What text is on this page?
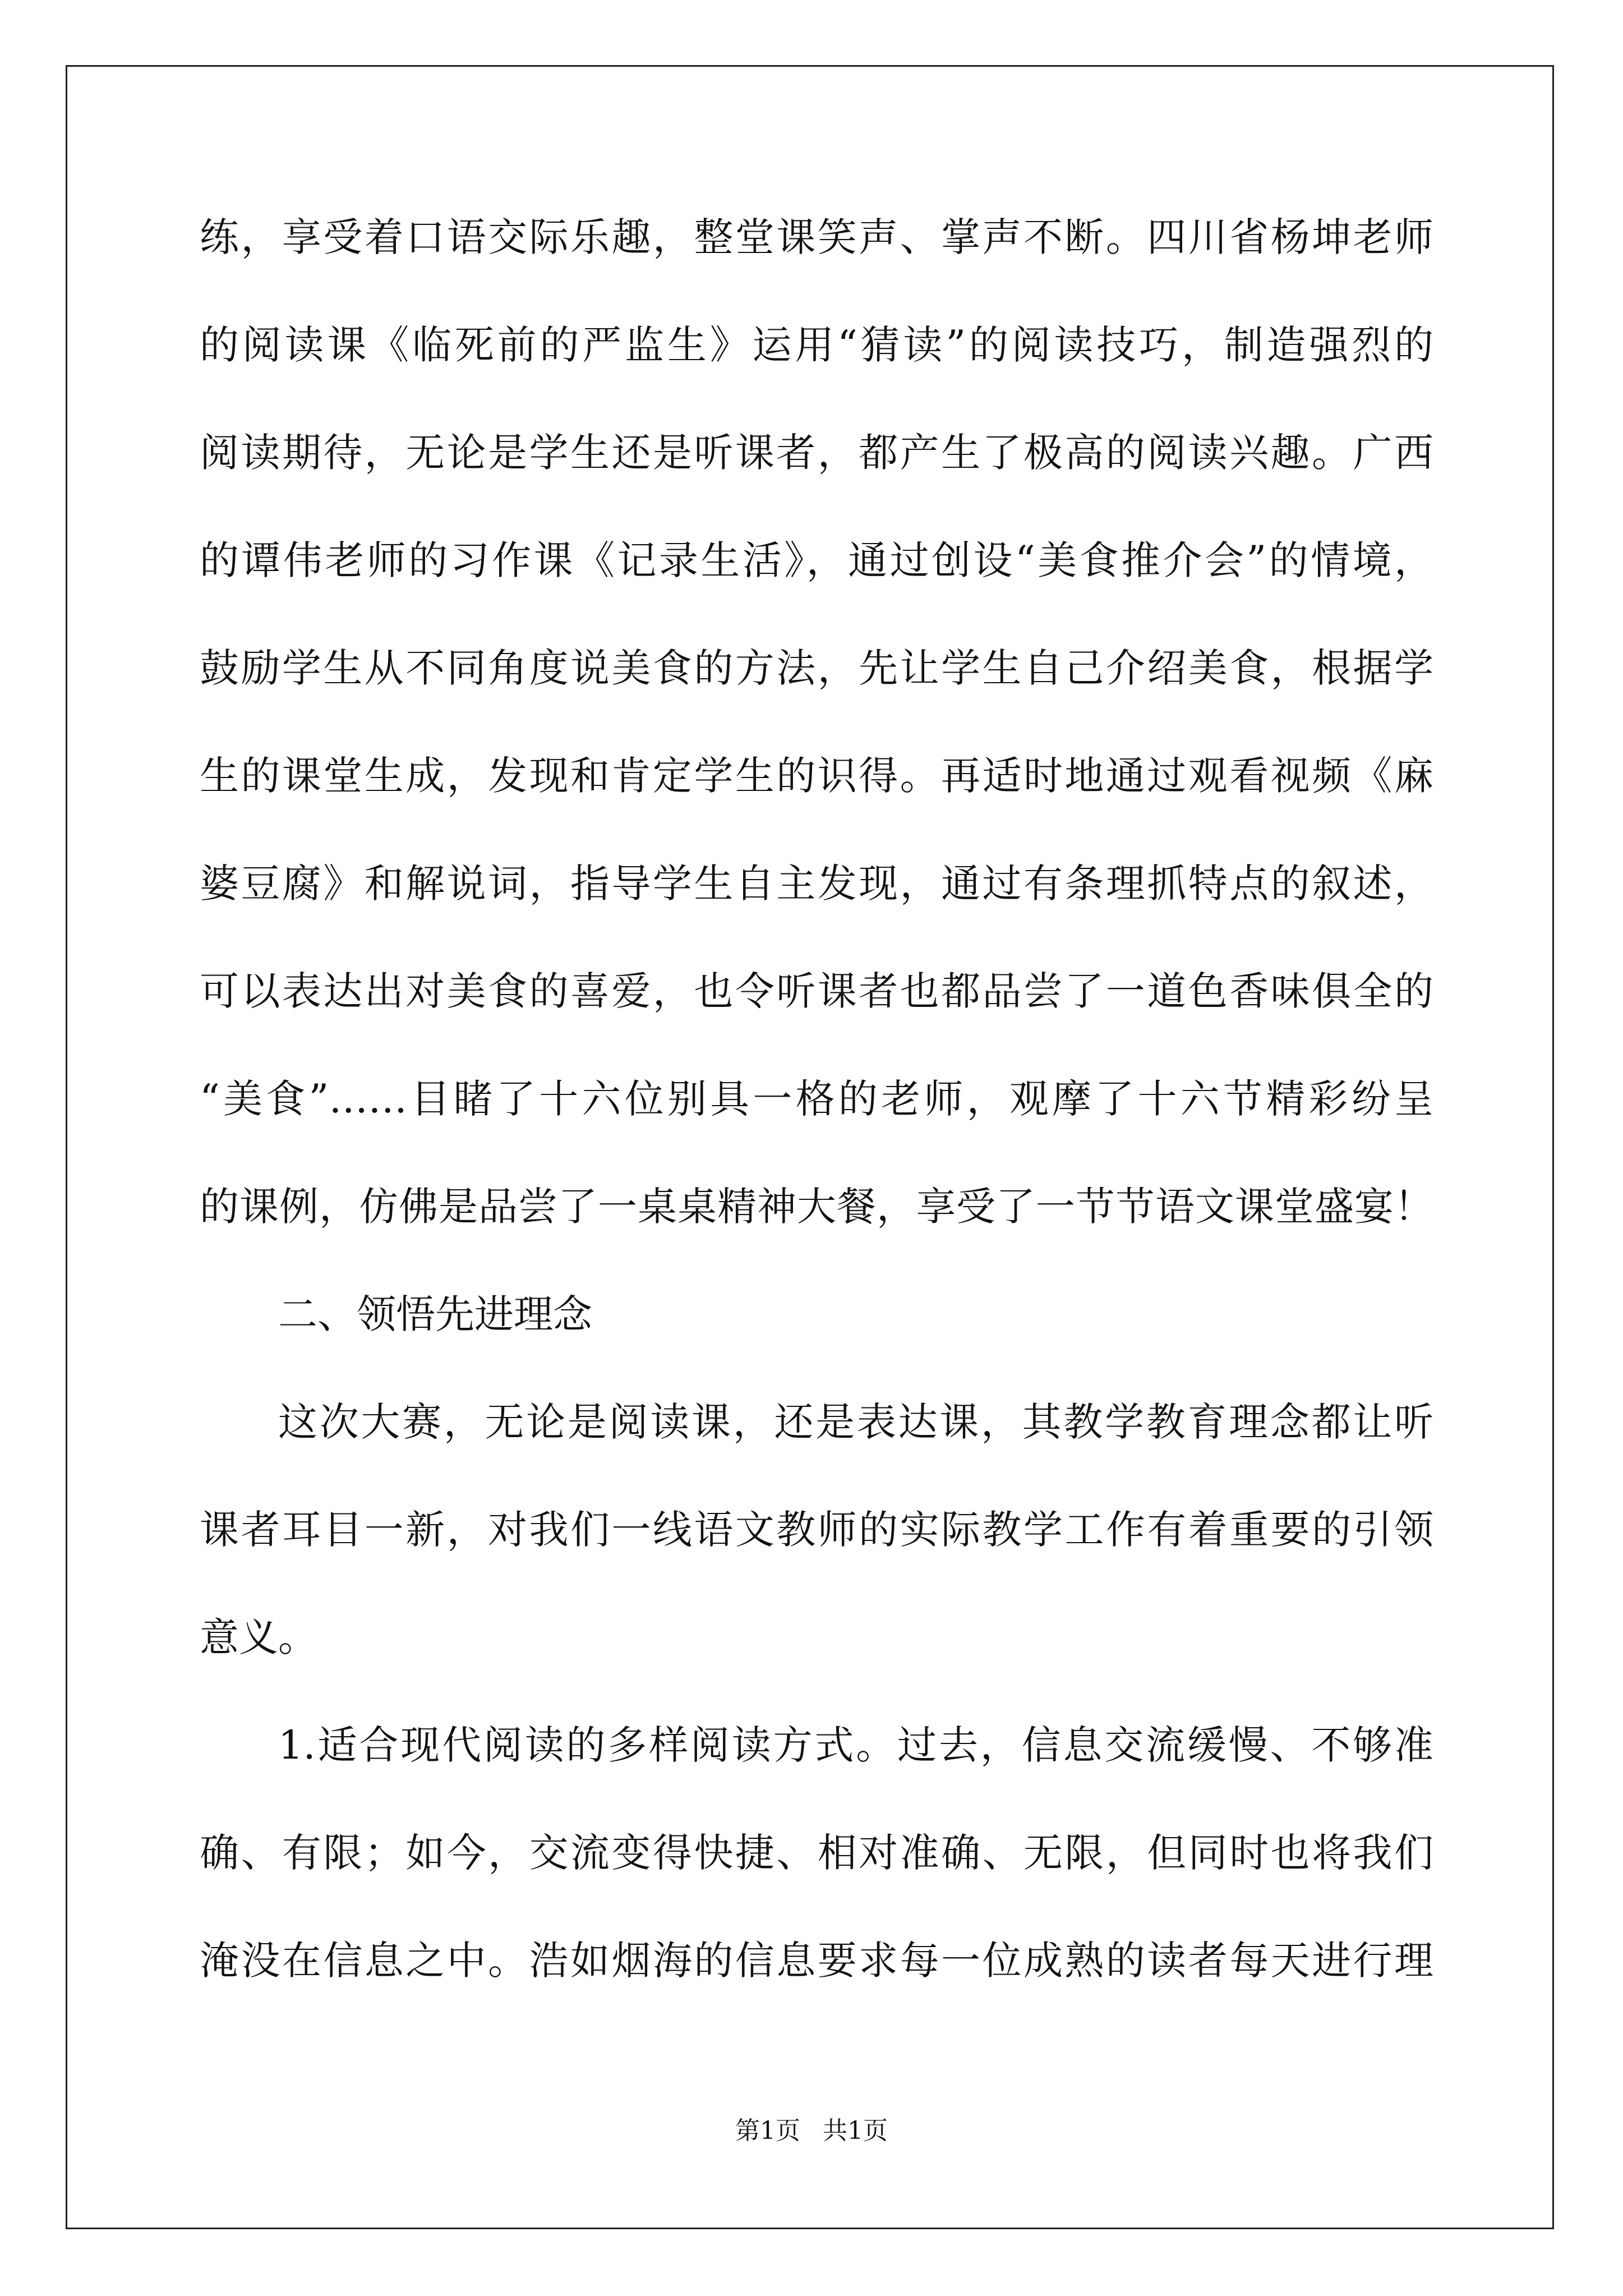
练，享受着口语交际乐趣，整堂课笑声、掌声不断。四川省杨坤老师
的阅读课《临死前的严监生》运用“猜读”的阅读技巧，制造强烈的
阅读期待，无论是学生还是听课者，都产生了极高的阅读兴趣。广西
的谭伟老师的习作课《记录生活》，通过创设“美食推介会”的情境，
鼓励学生从不同角度说美食的方法，先让学生自己介绍美食，根据学
生的课堂生成，发现和肯定学生的识得。再适时地通过观看视频《麻
婆豆腐》和解说词，指导学生自主发现，通过有条理抓特点的叙述，
可以表达出对美食的喜爱，也令听课者也都品尝了一道色香味俱全的
“美食”……目睹了十六位别具一格的老师，观摩了十六节精彩纷呈
的课例，仿佛是品尝了一桌桌精神大餐，享受了一节节语文课堂盛宴！
二、领悟先进理念
这次大赛，无论是阅读课，还是表达课，其教学教育理念都让听
课者耳目一新，对我们一线语文教师的实际教学工作有着重要的引领
意义。
1.适合现代阅读的多样阅读方式。过去，信息交流缓慢、不够准
确、有限；如今，交流变得快捷、相对准确、无限，但同时也将我们
淹没在信息之中。浩如烟海的信息要求每一位成熟的读者每天进行理
第1页 共1页
